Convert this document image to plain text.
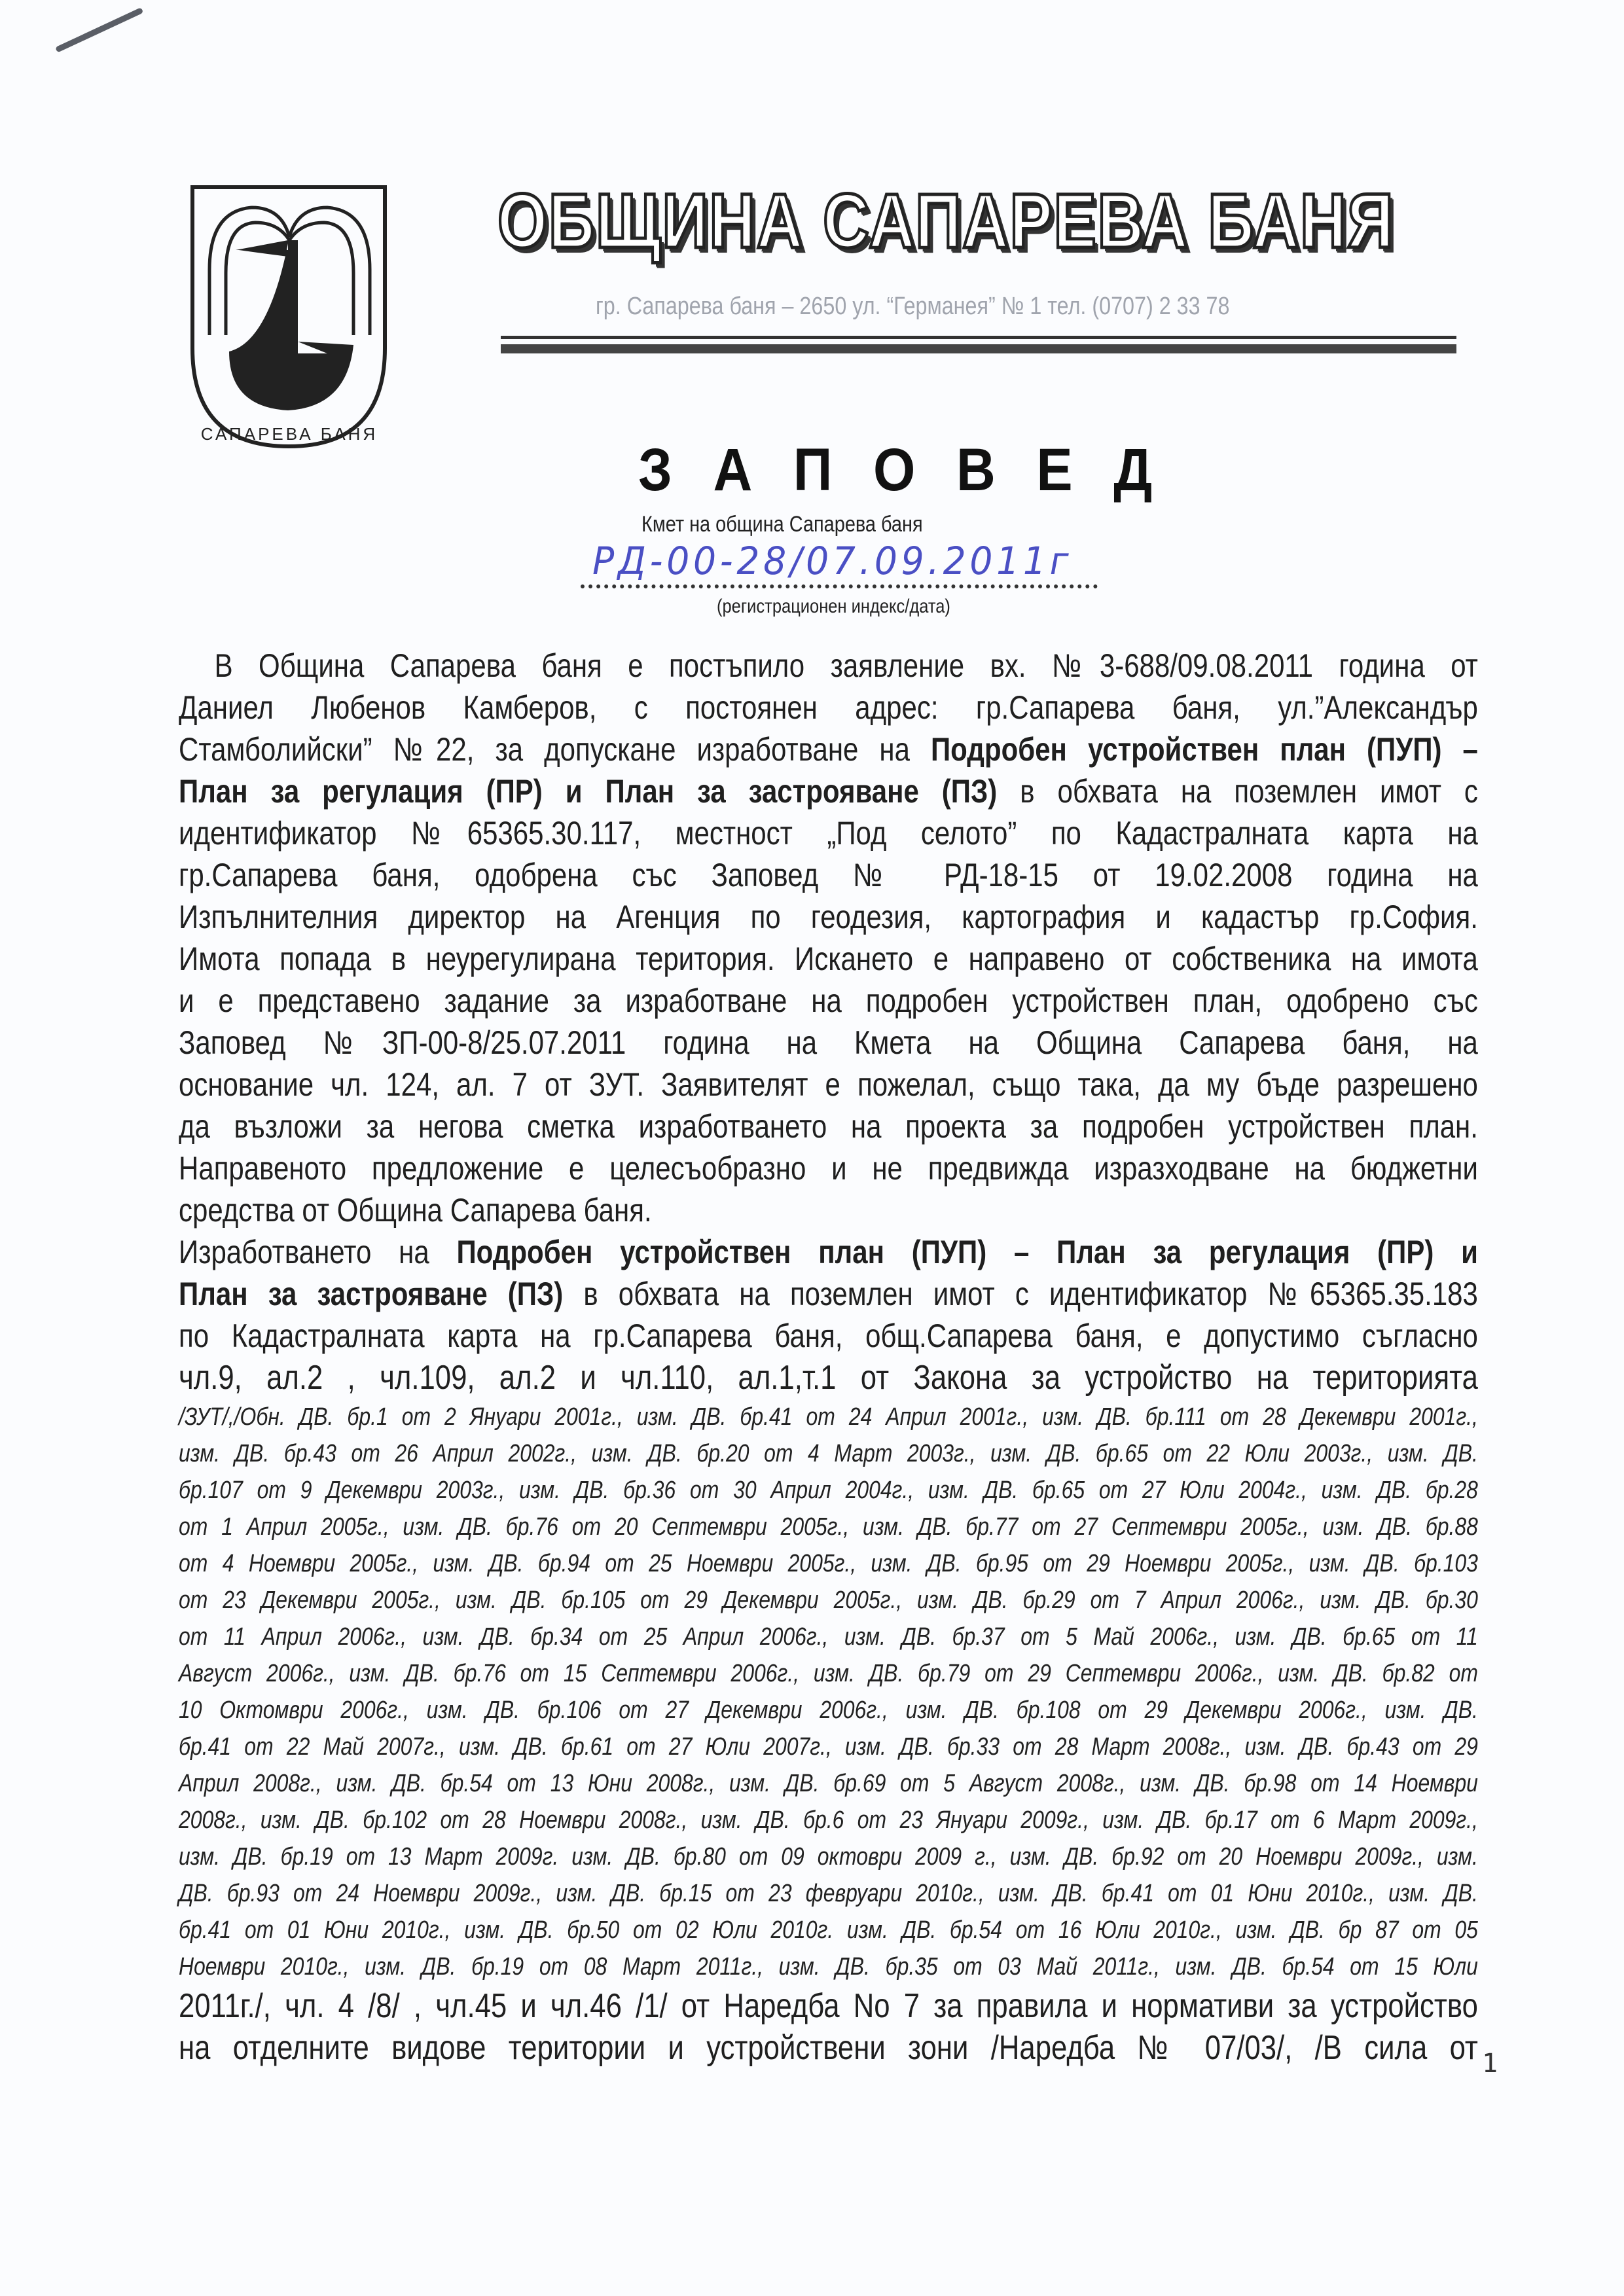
САПАРЕВА БАНЯ
ОБЩИНА САПАРЕВА БАНЯ
гр. Сапарева баня – 2650 ул. “Германея” № 1 тел. (0707) 2 33 78
З А П О В Е Д
Кмет на община Сапарева баня
РД-00-28/07.09.2011г
(регистрационен индекс/дата)
В Община Сапарева баня е постъпило заявление вх. №3-688/09.08.2011 година от
Даниел Любенов Камберов, с постоянен адрес: гр.Сапарева баня, ул.”Александър
Стамболийски” №22, за допускане изработване на Подробен устройствен план (ПУП) –
План за регулация (ПР) и План за застрояване (ПЗ) в обхвата на поземлен имот с
идентификатор №65365.30.117, местност „Под селото” по Кадастралната карта на
гр.Сапарева баня, одобрена със Заповед № РД-18-15 от 19.02.2008 година на
Изпълнителния директор на Агенция по геодезия, картография и кадастър гр.София.
Имота попада в неурегулирана територия. Искането е направено от собственика на имота
и е представено задание за изработване на подробен устройствен план, одобрено със
Заповед №ЗП-00-8/25.07.2011 година на Кмета на Община Сапарева баня, на
основание чл. 124, ал. 7 от ЗУТ. Заявителят е пожелал, също така, да му бъде разрешено
да възложи за негова сметка изработването на проекта за подробен устройствен план.
Направеното предложение е целесъобразно и не предвижда изразходване на бюджетни
средства от Община Сапарева баня.
Изработването на Подробен устройствен план (ПУП) – План за регулация (ПР) и
План за застрояване (ПЗ) в обхвата на поземлен имот с идентификатор №65365.35.183
по Кадастралната карта на гр.Сапарева баня, общ.Сапарева баня, е допустимо съгласно
чл.9, ал.2 , чл.109, ал.2 и чл.110, ал.1,т.1 от Закона за устройство на територията
/ЗУТ/,/Обн. ДВ. бр.1 от 2 Януари 2001г., изм. ДВ. бр.41 от 24 Април 2001г., изм. ДВ. бр.111 от 28 Декември 2001г.,
изм. ДВ. бр.43 от 26 Април 2002г., изм. ДВ. бр.20 от 4 Март 2003г., изм. ДВ. бр.65 от 22 Юли 2003г., изм. ДВ.
бр.107 от 9 Декември 2003г., изм. ДВ. бр.36 от 30 Април 2004г., изм. ДВ. бр.65 от 27 Юли 2004г., изм. ДВ. бр.28
от 1 Април 2005г., изм. ДВ. бр.76 от 20 Септември 2005г., изм. ДВ. бр.77 от 27 Септември 2005г., изм. ДВ. бр.88
от 4 Ноември 2005г., изм. ДВ. бр.94 от 25 Ноември 2005г., изм. ДВ. бр.95 от 29 Ноември 2005г., изм. ДВ. бр.103
от 23 Декември 2005г., изм. ДВ. бр.105 от 29 Декември 2005г., изм. ДВ. бр.29 от 7 Април 2006г., изм. ДВ. бр.30
от 11 Април 2006г., изм. ДВ. бр.34 от 25 Април 2006г., изм. ДВ. бр.37 от 5 Май 2006г., изм. ДВ. бр.65 от 11
Август 2006г., изм. ДВ. бр.76 от 15 Септември 2006г., изм. ДВ. бр.79 от 29 Септември 2006г., изм. ДВ. бр.82 от
10 Октомври 2006г., изм. ДВ. бр.106 от 27 Декември 2006г., изм. ДВ. бр.108 от 29 Декември 2006г., изм. ДВ.
бр.41 от 22 Май 2007г., изм. ДВ. бр.61 от 27 Юли 2007г., изм. ДВ. бр.33 от 28 Март 2008г., изм. ДВ. бр.43 от 29
Април 2008г., изм. ДВ. бр.54 от 13 Юни 2008г., изм. ДВ. бр.69 от 5 Август 2008г., изм. ДВ. бр.98 от 14 Ноември
2008г., изм. ДВ. бр.102 от 28 Ноември 2008г., изм. ДВ. бр.6 от 23 Януари 2009г., изм. ДВ. бр.17 от 6 Март 2009г.,
изм. ДВ. бр.19 от 13 Март 2009г. изм. ДВ. бр.80 от 09 октоври 2009 г., изм. ДВ. бр.92 от 20 Ноември 2009г., изм.
ДВ. бр.93 от 24 Ноември 2009г., изм. ДВ. бр.15 от 23 февруари 2010г., изм. ДВ. бр.41 от 01 Юни 2010г., изм. ДВ.
бр.41 от 01 Юни 2010г., изм. ДВ. бр.50 от 02 Юли 2010г. изм. ДВ. бр.54 от 16 Юли 2010г., изм. ДВ. бр 87 от 05
Ноември 2010г., изм. ДВ. бр.19 от 08 Март 2011г., изм. ДВ. бр.35 от 03 Май 2011г., изм. ДВ. бр.54 от 15 Юли
2011г./, чл. 4 /8/ , чл.45 и чл.46 /1/ от Наредба No 7 за правила и нормативи за устройство
на отделните видове територии и устройствени зони /Наредба № 07/03/, /В сила от 1
